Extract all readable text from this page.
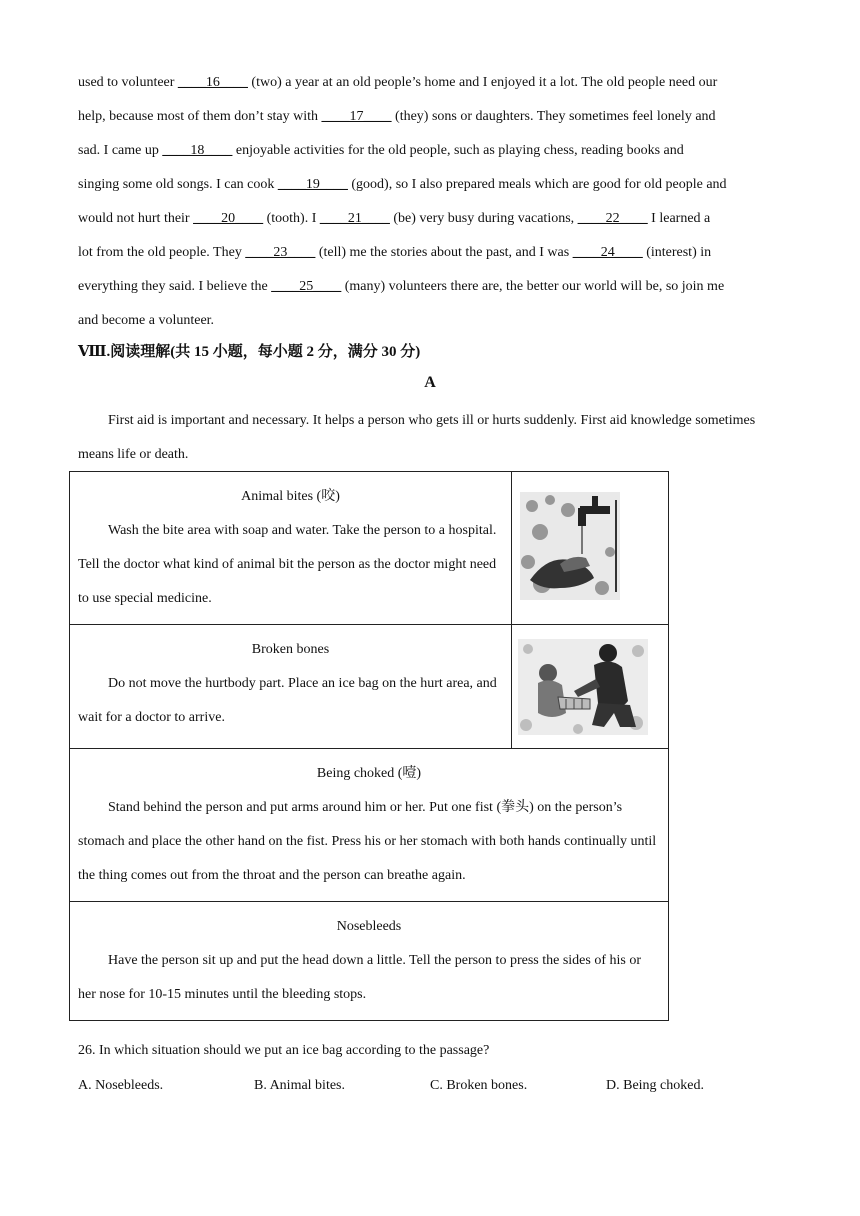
used to volunteer ____16____ (two) a year at an old people’s home and I enjoyed it a lot. The old people need our

help, because most of them don’t stay with ____17____ (they) sons or daughters. They sometimes feel lonely and

sad. I came up ____18____ enjoyable activities for the old people, such as playing chess, reading books and

singing some old songs. I can cook ____19____ (good), so I also prepared meals which are good for old people and

would not hurt their ____20____ (tooth). I ____21____ (be) very busy during vacations, ____22____ I learned a

lot from the old people. They ____23____ (tell) me the stories about the past, and I was ____24____ (interest) in

everything they said. I believe the ____25____ (many) volunteers there are, the better our world will be, so join me

and become a volunteer.

Ⅷ.阅读理解(共 15 小题，每小题 2 分，满分 30 分)

A

First aid is important and necessary. It helps a person who gets ill or hurts suddenly. First aid knowledge sometimes means life or death.

Animal bites (咬)
Wash the bite area with soap and water. Take the person to a hospital. Tell the doctor what kind of animal bit the person as the doctor might need to use special medicine.

Broken bones
Do not move the hurtbody part. Place an ice bag on the hurt area, and wait for a doctor to arrive.

Being choked (噎)
Stand behind the person and put arms around him or her. Put one fist (拳头) on the person’s stomach and place the other hand on the fist. Press his or her stomach with both hands continually until the thing comes out from the throat and the person can breathe again.	

Nosebleeds
Have the person sit up and put the head down a little. Tell the person to press the sides of his or her nose for 10-15 minutes until the bleeding stops.	

26. In which situation should we put an ice bag according to the passage?

A. Nosebleeds.	B. Animal bites.	C. Broken bones.	D. Being choked.
